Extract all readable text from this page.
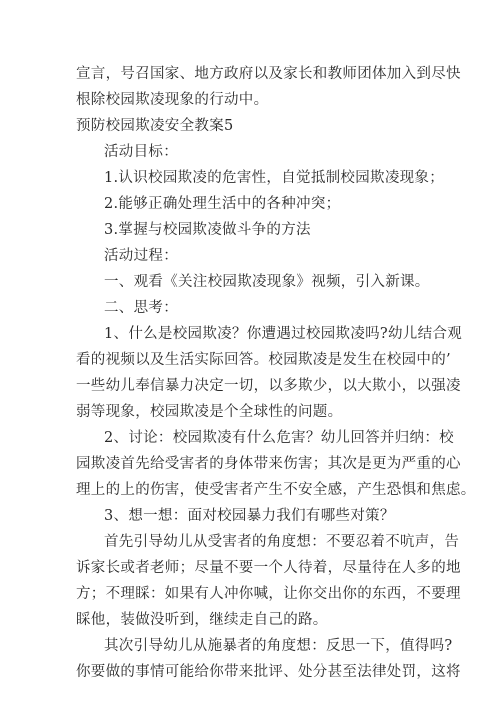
宣言，号召国家、地方政府以及家长和教师团体加入到尽快
根除校园欺凌现象的行动中。
预防校园欺凌安全教案5
活动目标：
1.认识校园欺凌的危害性，自觉抵制校园欺凌现象；
2.能够正确处理生活中的各种冲突；
3.掌握与校园欺凌做斗争的方法
活动过程：
一、观看《关注校园欺凌现象》视频，引入新课。
二、思考：
1、什么是校园欺凌？你遭遇过校园欺凌吗?幼儿结合观
看的视频以及生活实际回答。校园欺凌是发生在校园中的’
一些幼儿奉信暴力决定一切，以多欺少，以大欺小，以强凌
弱等现象，校园欺凌是个全球性的问题。
2、讨论：校园欺凌有什么危害？幼儿回答并归纳：校
园欺凌首先给受害者的身体带来伤害；其次是更为严重的心
理上的上的伤害，使受害者产生不安全感，产生恐惧和焦虑。
3、想一想：面对校园暴力我们有哪些对策？
首先引导幼儿从受害者的角度想：不要忍着不吭声，告
诉家长或者老师；尽量不要一个人待着，尽量待在人多的地
方；不理睬：如果有人冲你喊，让你交出你的东西，不要理
睬他，装做没听到，继续走自己的路。
其次引导幼儿从施暴者的角度想：反思一下，值得吗?
你要做的事情可能给你带来批评、处分甚至法律处罚，这将
